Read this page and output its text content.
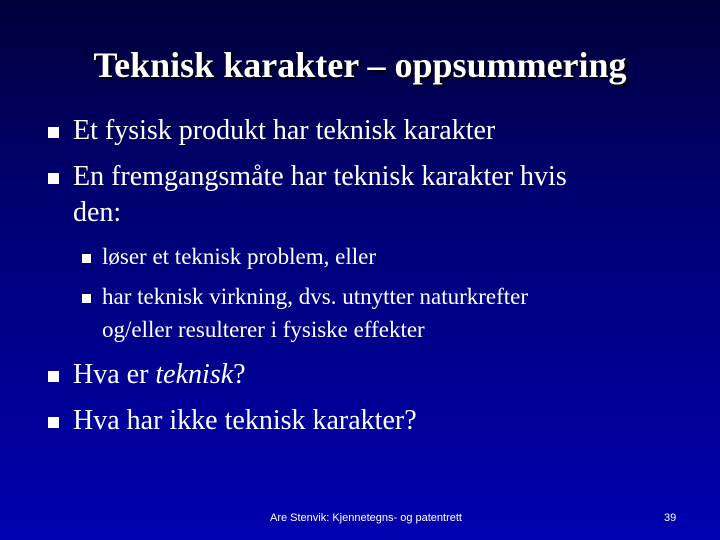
Teknisk karakter – oppsummering
Et fysisk produkt har teknisk karakter
En fremgangsmåte har teknisk karakter hvis
den:
løser et teknisk problem, eller
har teknisk virkning, dvs. utnytter naturkrefter
og/eller resulterer i fysiske effekter
Hva er teknisk?
Hva har ikke teknisk karakter?
Are Stenvik: Kjennetegns- og patentrett	39
